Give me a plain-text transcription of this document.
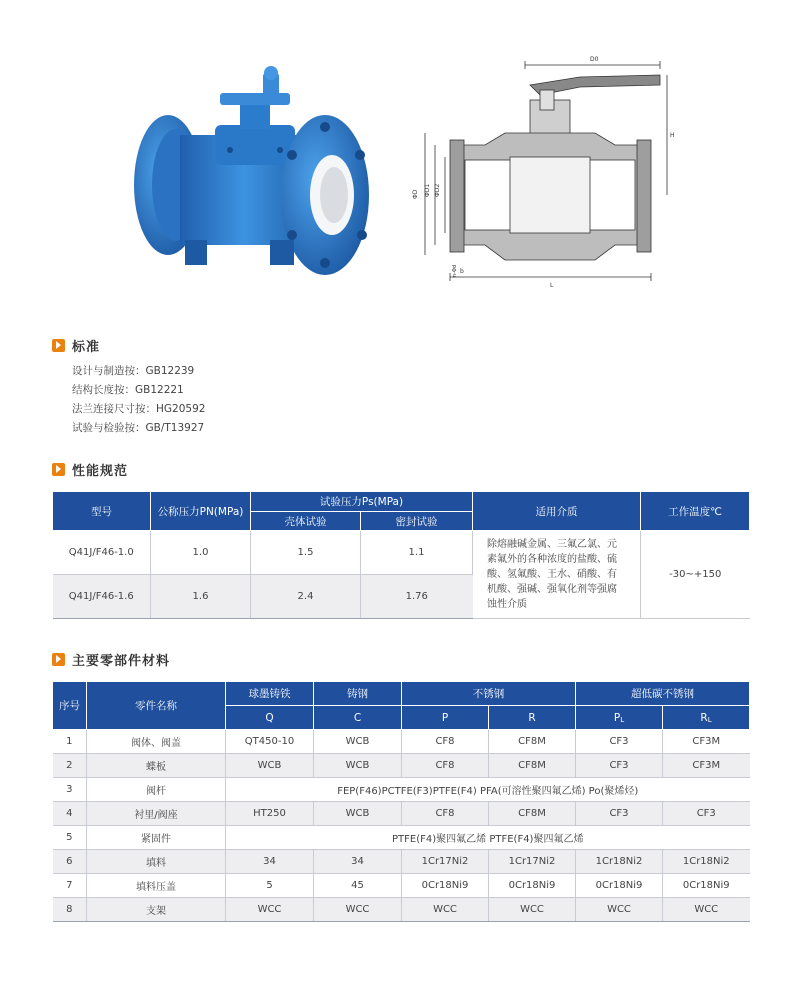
D0
H
ΦD ΦD1 ΦD2
n-Φd b
L
标准
设计与制造按：GB12239
结构长度按：GB12221
法兰连接尺寸按：HG20592
试验与检验按：GB/T13927
性能规范
型号	公称压力PN(MPa)	试验压力Ps(MPa)		适用介质	工作温度℃
		壳体试验	密封试验		
Q41J/F46-1.0	1.0	1.5	1.1	除熔融碱金属、三氟乙氯、元
素氟外的各种浓度的盐酸、硫
酸、氢氟酸、王水、硝酸、有
机酸、强碱、强氧化剂等强腐
蚀性介质	-30~+150
Q41J/F46-1.6	1.6	2.4	1.76		
主要零部件材料
序号	零件名称	球墨铸铁	铸钢	不锈钢		超低碳不锈钢	
		Q	C	P	R	PL	RL
1	阀体、阀盖	QT450-10	WCB	CF8	CF8M	CF3	CF3M
2	蝶板	WCB	WCB	CF8	CF8M	CF3	CF3M
3	阀杆	FEP(F46)PCTFE(F3)PTFE(F4) PFA(可溶性聚四氟乙烯) Po(聚烯烃)					
4	衬里/阀座	HT250	WCB	CF8	CF8M	CF3	CF3
5	紧固件	PTFE(F4)聚四氟乙烯 PTFE(F4)聚四氟乙烯					
6	填料	34	34	1Cr17Ni2	1Cr17Ni2	1Cr18Ni2	1Cr18Ni2
7	填料压盖	5	45	0Cr18Ni9	0Cr18Ni9	0Cr18Ni9	0Cr18Ni9
8	支架	WCC	WCC	WCC	WCC	WCC	WCC
